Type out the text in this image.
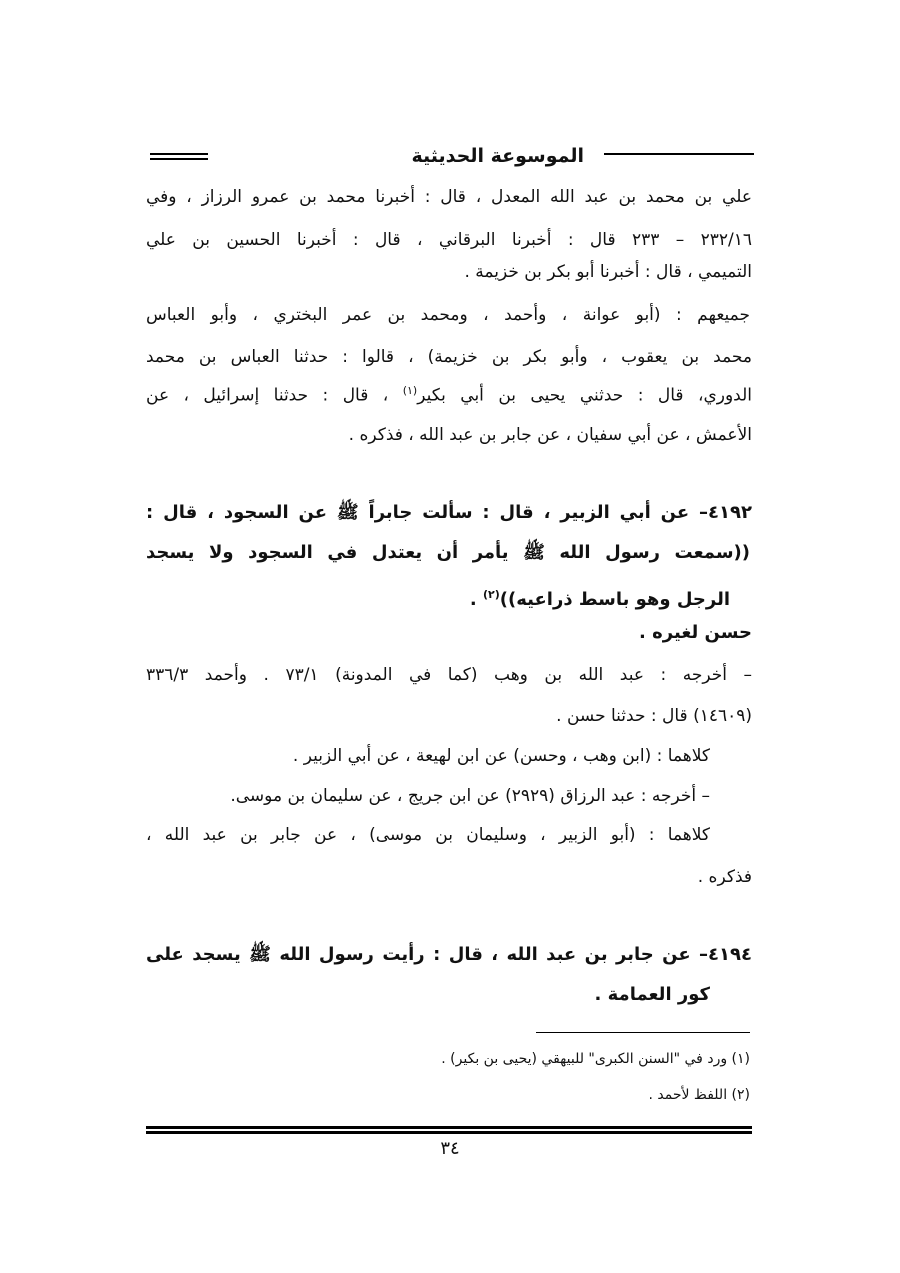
الموسوعة الحديثية
علي بن محمد بن عبد الله المعدل ، قال : أخبرنا محمد بن عمرو الرزاز ، وفي
٢٣٢/١٦ – ٢٣٣ قال : أخبرنا البرقاني ، قال : أخبرنا الحسين بن علي
التميمي ، قال : أخبرنا أبو بكر بن خزيمة .
جميعهم : (أبو عوانة ، وأحمد ، ومحمد بن عمر البختري ، وأبو العباس
محمد بن يعقوب ، وأبو بكر بن خزيمة) ، قالوا : حدثنا العباس بن محمد
الدوري، قال : حدثني يحيى بن أبي بكير$^{(١)}$ ، قال : حدثنا إسرائيل ، عن
الأعمش ، عن أبي سفيان ، عن جابر بن عبد الله ، فذكره .
٤١٩٢– عن أبي الزبير ، قال : سألت جابراً ﷺ عن السجود ، قال :
((سمعت رسول الله ﷺ يأمر أن يعتدل في السجود ولا يسجد
الرجل وهو باسط ذراعيه))$^{(٢)}$ .
حسن لغيره .
– أخرجه : عبد الله بن وهب (كما في المدونة) ٧٣/١ . وأحمد ٣٣٦/٣
(١٤٦٠٩) قال : حدثنا حسن .
كلاهما : (ابن وهب ، وحسن) عن ابن لهيعة ، عن أبي الزبير .
– أخرجه : عبد الرزاق (٢٩٢٩) عن ابن جريج ، عن سليمان بن موسى.
كلاهما : (أبو الزبير ، وسليمان بن موسى) ، عن جابر بن عبد الله ،
فذكره .
٤١٩٤– عن جابر بن عبد الله ، قال : رأيت رسول الله ﷺ يسجد على
كور العمامة .
(١) ورد في "السنن الكبرى" للبيهقي (يحيى بن بكير) .
(٢) اللفظ لأحمد .
٣٤
